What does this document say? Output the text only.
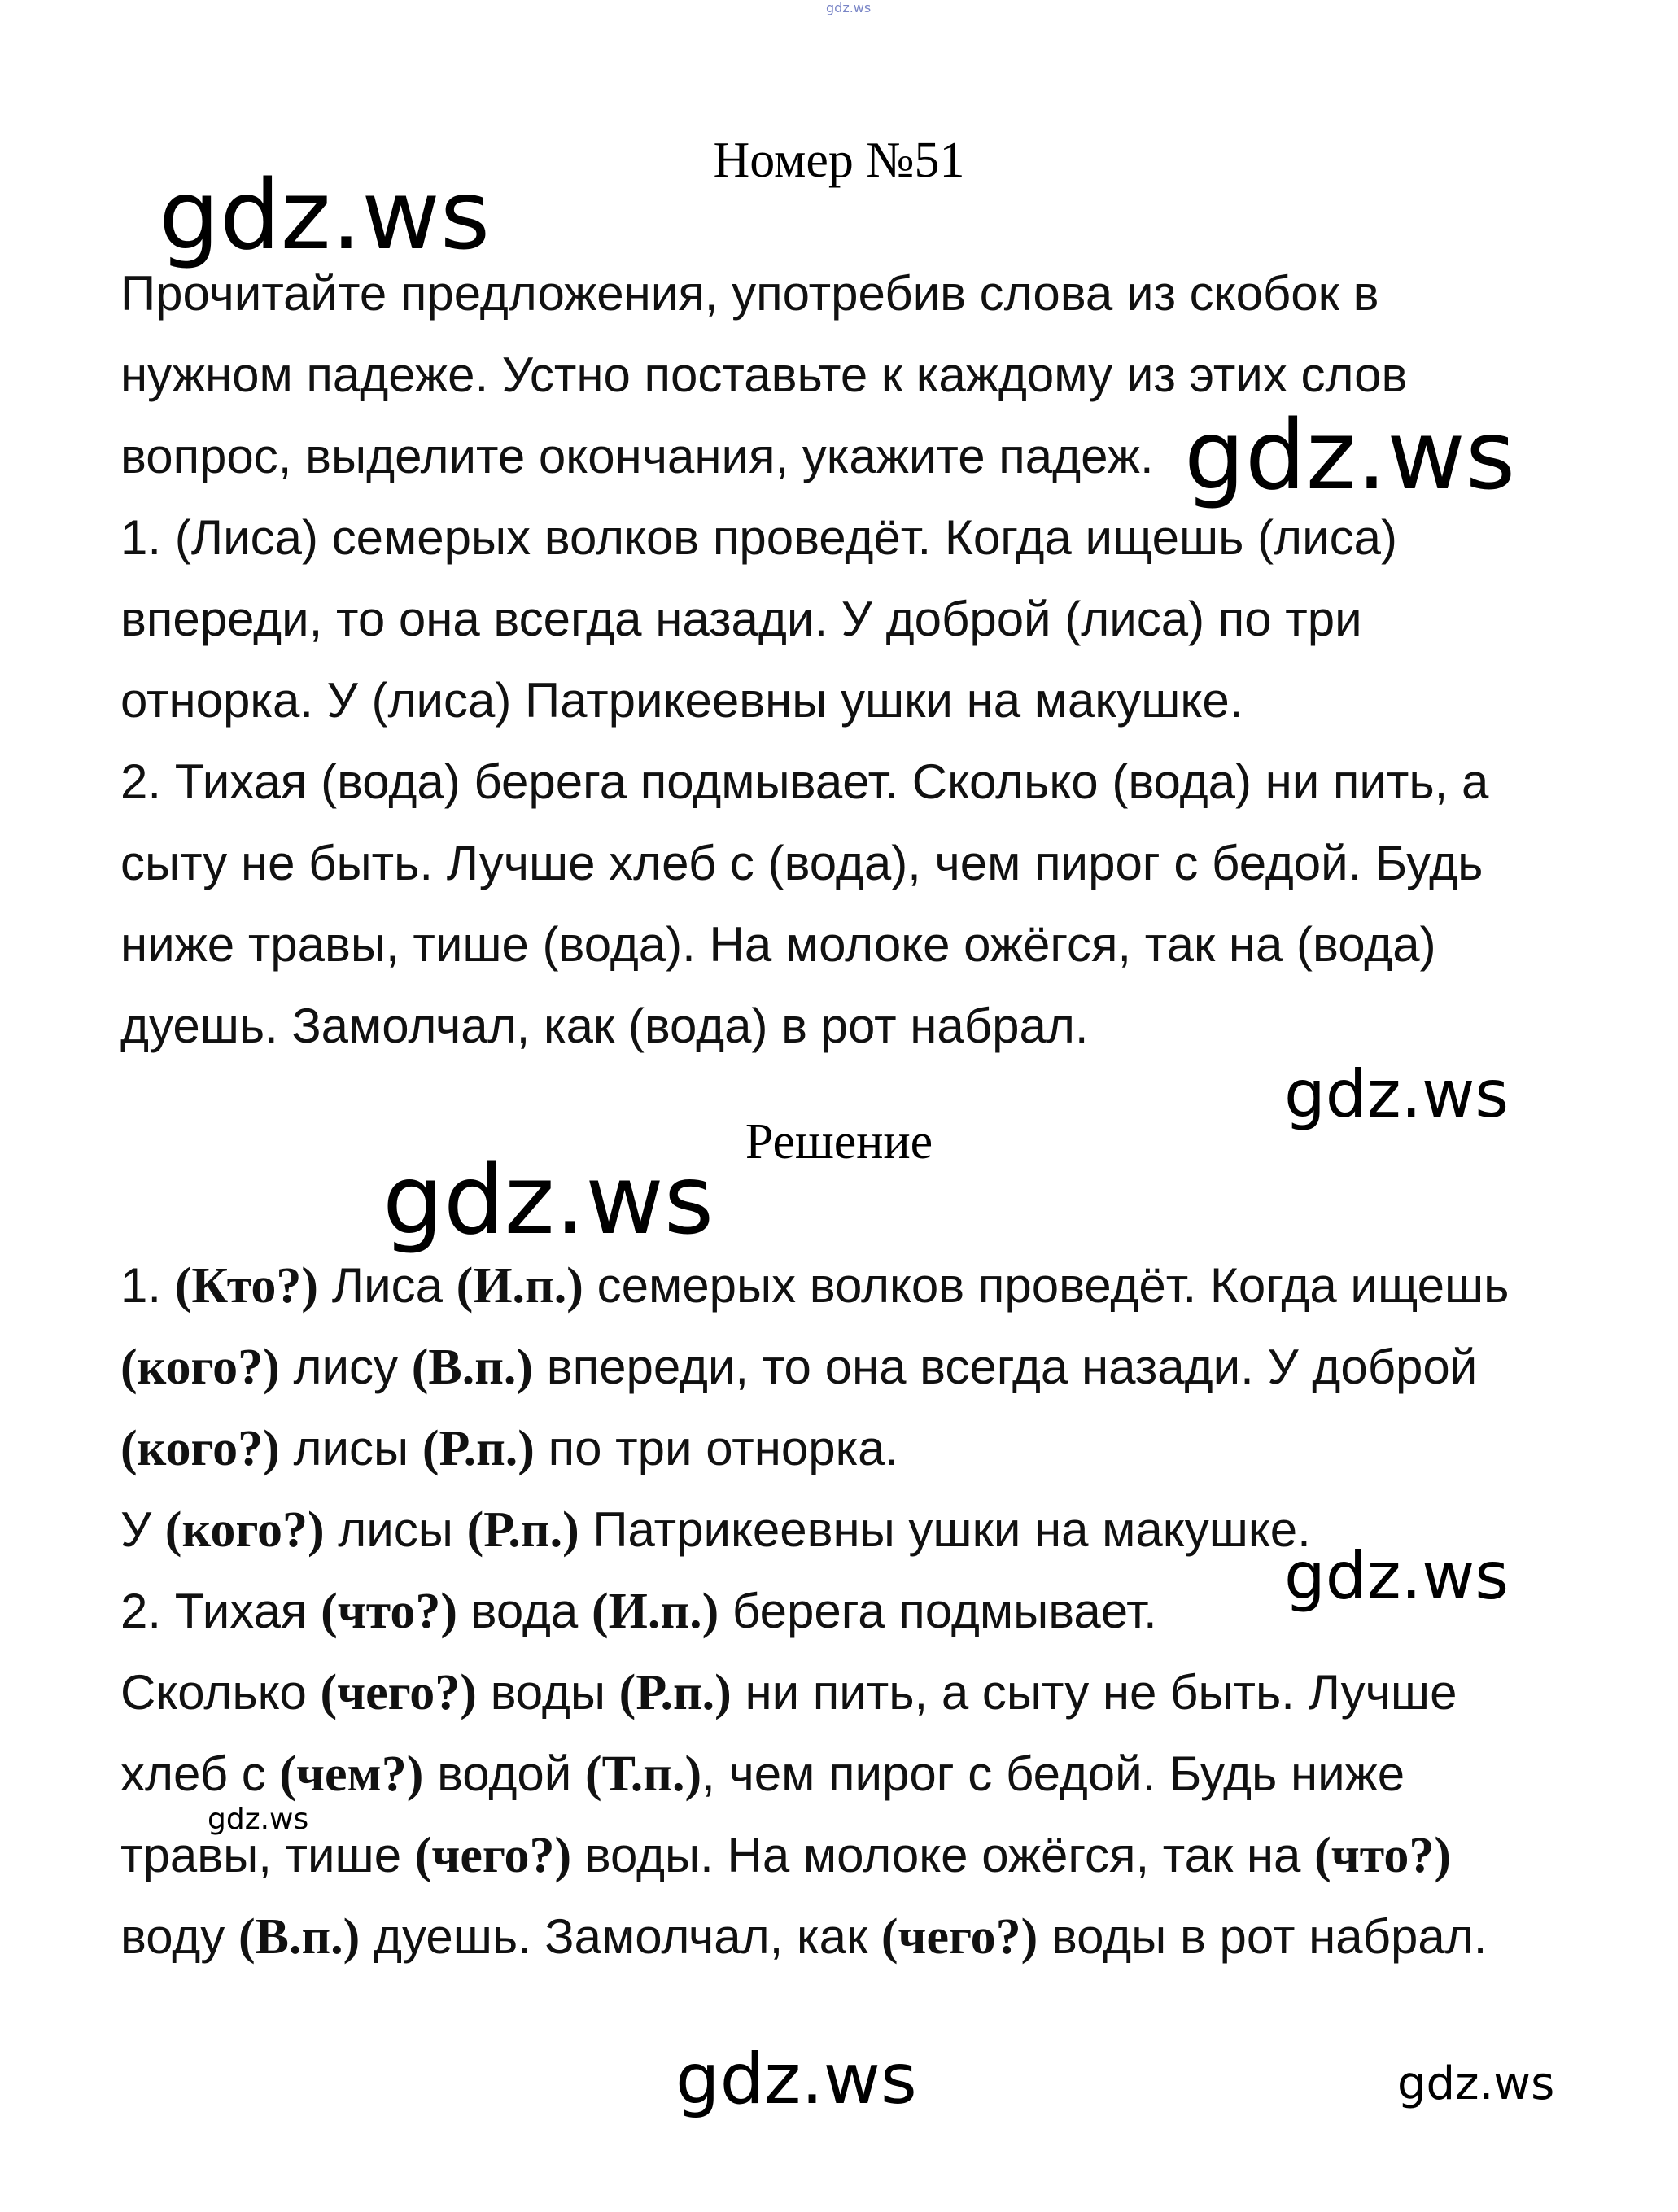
gdz.ws
Номер №51

Прочитайте предложения, употребив слова из скобок в нужном падеже. Устно поставьте к каждому из этих слов вопрос, выделите окончания, укажите падеж.

1. (Лиса) семерых волков проведёт. Когда ищешь (лиса) впереди, то она всегда назади. У доброй (лиса) по три отнорка. У (лиса) Патрикеевны ушки на макушке.

2. Тихая (вода) берега подмывает. Сколько (вода) ни пить, а сыту не быть. Лучше хлеб с (вода), чем пирог с бедой. Будь ниже травы, тише (вода). На молоке ожёгся, так на (вода) дуешь. Замолчал, как (вода) в рот набрал.

Решение

1. (Кто?) Лиса (И.п.) семерых волков проведёт. Когда ищешь (кого?) лису (В.п.) впереди, то она всегда назади. У доброй (кого?) лисы (Р.п.) по три отнорка.

У (кого?) лисы (Р.п.) Патрикеевны ушки на макушке.

2. Тихая (что?) вода (И.п.) берега подмывает.

Сколько (чего?) воды (Р.п.) ни пить, а сыту не быть. Лучше хлеб с (чем?) водой (Т.п.), чем пирог с бедой. Будь ниже травы, тише (чего?) воды. На молоке ожёгся, так на (что?) воду (В.п.) дуешь. Замолчал, как (чего?) воды в рот набрал.

gdz.ws
gdz.ws
gdz.ws
gdz.ws
gdz.ws
gdz.ws
gdz.ws	gdz.ws
